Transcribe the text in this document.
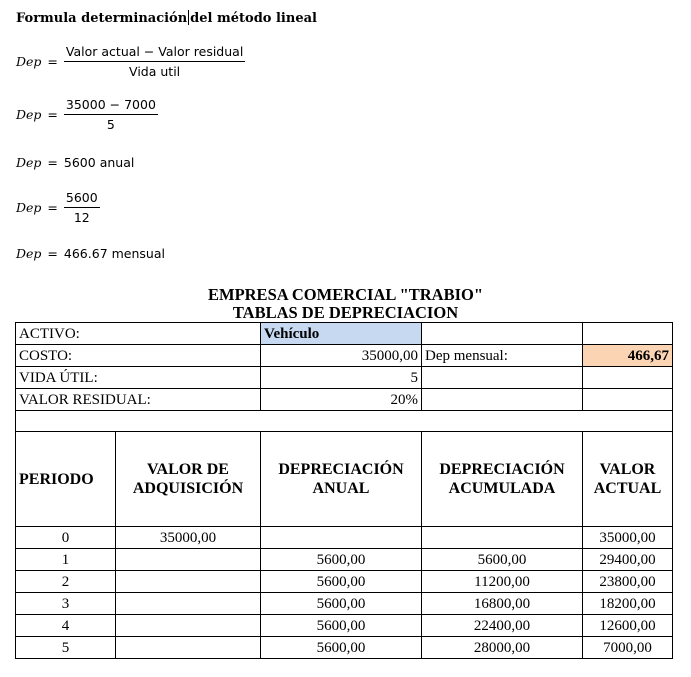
Formula determinación del método lineal
Dep = $\frac{\text{Valor actual − Valor residual}}{\text{Vida util}}$
Dep = $\frac{35000 - 7000}{5}$
Dep = 5600 anual
Dep = $\frac{5600}{12}$
Dep = 466.67 mensual
EMPRESA COMERCIAL "TRABIO"
TABLAS DE DEPRECIACION
ACTIVO:		Vehículo		
COSTO:		35000,00	Dep mensual:	466,67
VIDA ÚTIL:		5		
VALOR RESIDUAL:		20%		

PERIODO	VALOR DE ADQUISICIÓN	DEPRECIACIÓN ANUAL	DEPRECIACIÓN ACUMULADA	VALOR ACTUAL
0	35000,00			35000,00
1		5600,00	5600,00	29400,00
2		5600,00	11200,00	23800,00
3		5600,00	16800,00	18200,00
4		5600,00	22400,00	12600,00
5		5600,00	28000,00	7000,00
